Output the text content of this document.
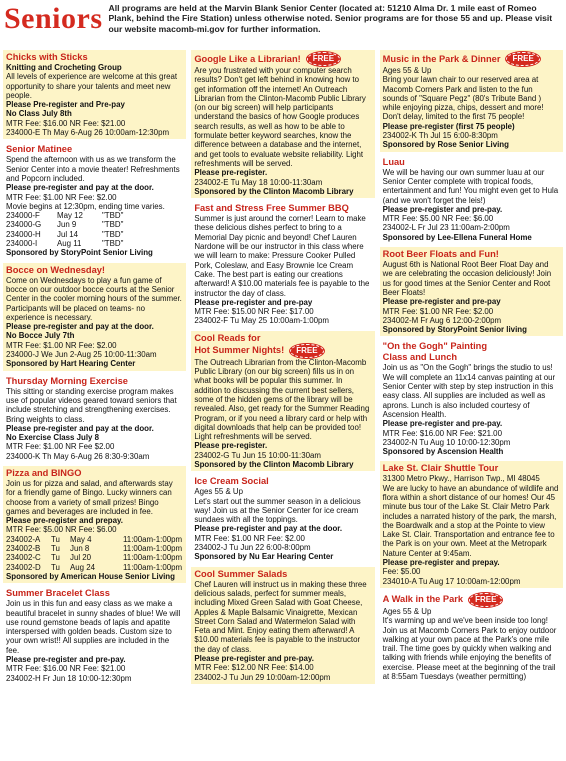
Seniors All programs are held at the Marvin Blank Senior Center (located at: 51210 Alma Dr. 1 mile east of Romeo Plank, behind the Fire Station) unless otherwise noted. Senior programs are for those 55 and up. Please visit our website macomb-mi.gov for further information.
Chicks with Sticks
Knitting and Crocheting Group
All levels of experience are welcome at this great opportunity to share your talents and meet new people.
Please Pre-register and Pre-pay
No Class July 8th
MTR Fee: $16.00 NR Fee: $21.00
234000-E Th May 6-Aug 26 10:00am-12:30pm
Senior Matinee
Spend the afternoon with us as we transform the Senior Center into a movie theater! Refreshments and Popcorn included.
Please pre-register and pay at the door.
MTR Fee: $1.00 NR Fee: $2.00
Movie begins at 12:30pm, ending time varies.
234000-F	May 12	"TBD"
234000-G	Jun 9	"TBD"
234000-H	Jul 14	"TBD"
234000-I	Aug 11	"TBD"
Sponsored by StoryPoint Senior Living
Bocce on Wednesday!
Come on Wednesdays to play a fun game of bocce on our outdoor bocce courts at the Senior Center in the cooler morning hours of the summer. Participants will be placed on teams- no experience is necessary.
Please pre-register and pay at the door.
No Bocce July 7th
MTR Fee: $1.00 NR Fee: $2.00
234000-J We Jun 2-Aug 25 10:00-11:30am
Sponsored by Hart Hearing Center
Thursday Morning Exercise
This sitting or standing exercise program makes use of popular videos geared toward seniors that include stretching and strengthening exercises. Bring weights to class.
Please pre-register and pay at the door.
No Exercise Class July 8
MTR Fee: $1.00 NR Fee $2.00
234000-K Th May 6-Aug 26 8:30-9:30am
Pizza and BINGO
Join us for pizza and salad, and afterwards stay for a friendly game of Bingo. Lucky winners can choose from a variety of small prizes! Bingo games and beverages are included in fee.
Please pre-register and prepay.
MTR Fee: $5.00 NR Fee: $6.00
234002-A	Tu	May 4	11:00am-1:00pm
234002-B	Tu	Jun 8	11:00am-1:00pm
234002-C	Tu	Jul 20	11:00am-1:00pm
234002-D	Tu	Aug 24	11:00am-1:00pm
Sponsored by American House Senior Living
Summer Bracelet Class
Join us in this fun and easy class as we make a beautiful bracelet in sunny shades of blue! We will use round gemstone beads of lapis and apatite interspersed with golden beads. Custom size to your own wrist!! All supplies are included in the fee.
Please pre-register and pre-pay.
MTR Fee: $16.00 NR Fee: $21.00
234002-H Fr Jun 18 10:00-12:30pm
Google Like a Librarian!	FREE
Are you frustrated with your computer search results? Don't get left behind in knowing how to get information off the internet! An Outreach Librarian from the Clinton-Macomb Public Library (on our big screen) will help participants understand the basics of how Google produces search results, as well as how to be able to formulate better keyword searches, know the difference between a database and the internet, and get tools to evaluate website reliability. Light refreshments will be served.
Please pre-register.
234002-E Tu May 18 10:00-11:30am
Sponsored by the Clinton Macomb Library
Fast and Stress Free Summer BBQ
Summer is just around the corner! Learn to make these delicious dishes perfect to bring to a Memorial Day picnic and beyond! Chef Lauren Nardone will be our instructor in this class where we will learn to make: Pressure Cooker Pulled Pork, Coleslaw, and Easy Brownie Ice Cream Cake. The best part is eating our creations afterward! A $10.00 materials fee is payable to the instructor the day of class.
Please pre-register and pre-pay
MTR Fee: $15.00 NR Fee: $17.00
234002-F Tu May 25 10:00am-1:00pm
Cool Reads for
Hot Summer Nights!	FREE
The Outreach Librarian from the Clinton-Macomb Public Library (on our big screen) fills us in on what books will be popular this summer. In addition to discussing the current best sellers, some of the hidden gems of the library will be revealed. Also, get ready for the Summer Reading Program, or if you need a library card or help with digital downloads that help can be provided too! Light refreshments will be served.
Please pre-register.
234002-G Tu Jun 15 10:00-11:30am
Sponsored by the Clinton Macomb Library
Ice Cream Social
Ages 55 & Up
Let's start out the summer season in a delicious way! Join us at the Senior Center for ice cream sundaes with all the toppings.
Please pre-register and pay at the door.
MTR Fee: $1.00 NR Fee: $2.00
234002-J Tu Jun 22 6:00-8:00pm
Sponsored by Nu Ear Hearing Center
Cool Summer Salads
Chef Lauren will instruct us in making these three delicious salads, perfect for summer meals, including Mixed Green Salad with Goat Cheese, Apples & Maple Balsamic Vinaigrette, Mexican Street Corn Salad and Watermelon Salad with Feta and Mint. Enjoy eating them afterward! A $10.00 materials fee is payable to the instructor the day of class.
Please pre-register and pre-pay.
MTR Fee: $12.00 NR Fee: $14.00
234002-J Tu Jun 29 10:00am-12:00pm
Music in the Park & Dinner	FREE
Ages 55 & Up
Bring your lawn chair to our reserved area at Macomb Corners Park and listen to the fun sounds of "Square Pegz" (80's Tribute Band ) while enjoying pizza, chips, dessert and more! Don't delay, limited to the first 75 people!
Please pre-register (first 75 people)
234002-K Th Jul 15 6:00-8:30pm
Sponsored by Rose Senior Living
Luau
We will be having our own summer luau at our Senior Center complete with tropical foods, entertainment and fun! You might even get to Hula (and we won't forget the leis!)
Please pre-register and pre-pay.
MTR Fee: $5.00 NR Fee: $6.00
234002-L Fr Jul 23 11:00am-2:00pm
Sponsored by Lee-Ellena Funeral Home
Root Beer Floats and Fun!
August 6th is National Root Beer Float Day and we are celebrating the occasion deliciously! Join us for good times at the Senior Center and Root Beer Floats!
Please pre-register and pre-pay
MTR Fee: $1.00 NR Fee: $2.00
234002-M Fr Aug 6 12:00-2:00pm
Sponsored by StoryPoint Senior living
"On the Gogh" Painting
Class and Lunch
Join us as "On the Gogh" brings the studio to us! We will complete an 11x14 canvas painting at our Senior Center with step by step instruction in this easy class. All supplies are included as well as aprons. Lunch is also included courtesy of Ascension Health.
Please pre-register and pre-pay.
MTR Fee: $16.00 NR Fee: $21.00
234002-N Tu Aug 10 10:00-12:30pm
Sponsored by Ascension Health
Lake St. Clair Shuttle Tour
31300 Metro Pkwy., Harrison Twp., MI 48045
We are lucky to have an abundance of wildlife and flora within a short distance of our homes! Our 45 minute bus tour of the Lake St. Clair Metro Park includes a narrated history of the park, the marsh, the Boardwalk and a stop at the Pointe to view Lake St. Clair. Transportation and entrance fee to the Park is on your own. Meet at the Metropark Nature Center at 9:45am.
Please pre-register and prepay.
Fee: $5.00
234010-A Tu Aug 17 10:00am-12:00pm
A Walk in the Park	FREE
Ages 55 & Up
It's warming up and we've been inside too long! Join us at Macomb Corners Park to enjoy outdoor walking at your own pace at the Park's one mile trail. The time goes by quickly when walking and talking with friends while enjoying the benefits of exercise. Please meet at the beginning of the trail at 8:55am Tuesdays (weather permitting)
